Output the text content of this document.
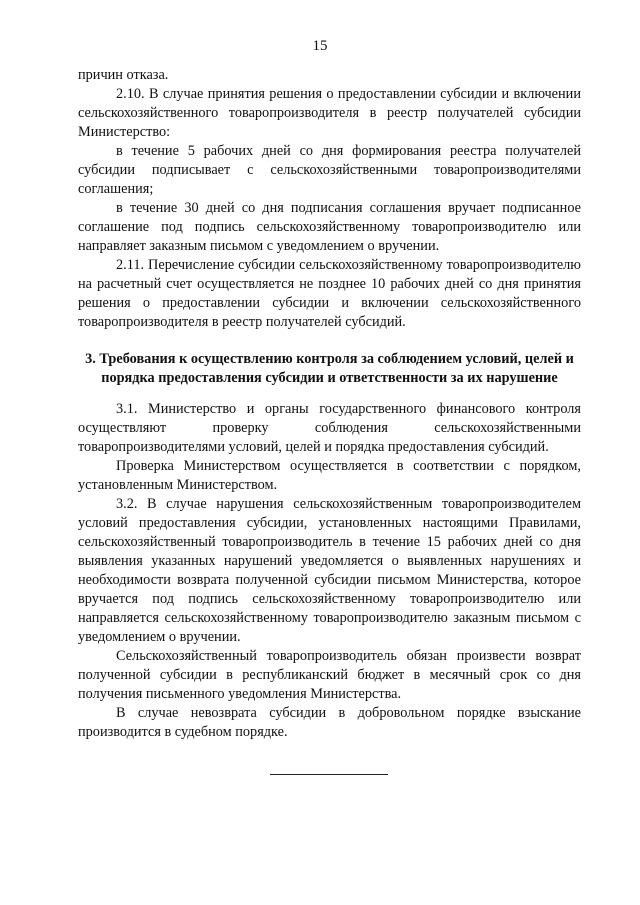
15

причин отказа.

2.10. В случае принятия решения о предоставлении субсидии и включении сельскохозяйственного товаропроизводителя в реестр получателей субсидии Министерство:

в течение 5 рабочих дней со дня формирования реестра получателей субсидии подписывает с сельскохозяйственными товаропроизводителями соглашения;

в течение 30 дней со дня подписания соглашения вручает подписанное соглашение под подпись сельскохозяйственному товаропроизводителю или направляет заказным письмом с уведомлением о вручении.

2.11. Перечисление субсидии сельскохозяйственному товаропроизводителю на расчетный счет осуществляется не позднее 10 рабочих дней со дня принятия решения о предоставлении субсидии и включении сельскохозяйственного товаропроизводителя в реестр получателей субсидий.

3. Требования к осуществлению контроля за соблюдением условий, целей и порядка предоставления субсидии и ответственности за их нарушение

3.1. Министерство и органы государственного финансового контроля осуществляют проверку соблюдения сельскохозяйственными товаропроизводителями условий, целей и порядка предоставления субсидий.

Проверка Министерством осуществляется в соответствии с порядком, установленным Министерством.

3.2. В случае нарушения сельскохозяйственным товаропроизводителем условий предоставления субсидии, установленных настоящими Правилами, сельскохозяйственный товаропроизводитель в течение 15 рабочих дней со дня выявления указанных нарушений уведомляется о выявленных нарушениях и необходимости возврата полученной субсидии письмом Министерства, которое вручается под подпись сельскохозяйственному товаропроизводителю или направляется сельскохозяйственному товаропроизводителю заказным письмом с уведомлением о вручении.

Сельскохозяйственный товаропроизводитель обязан произвести возврат полученной субсидии в республиканский бюджет в месячный срок со дня получения письменного уведомления Министерства.

В случае невозврата субсидии в добровольном порядке взыскание производится в судебном порядке.
